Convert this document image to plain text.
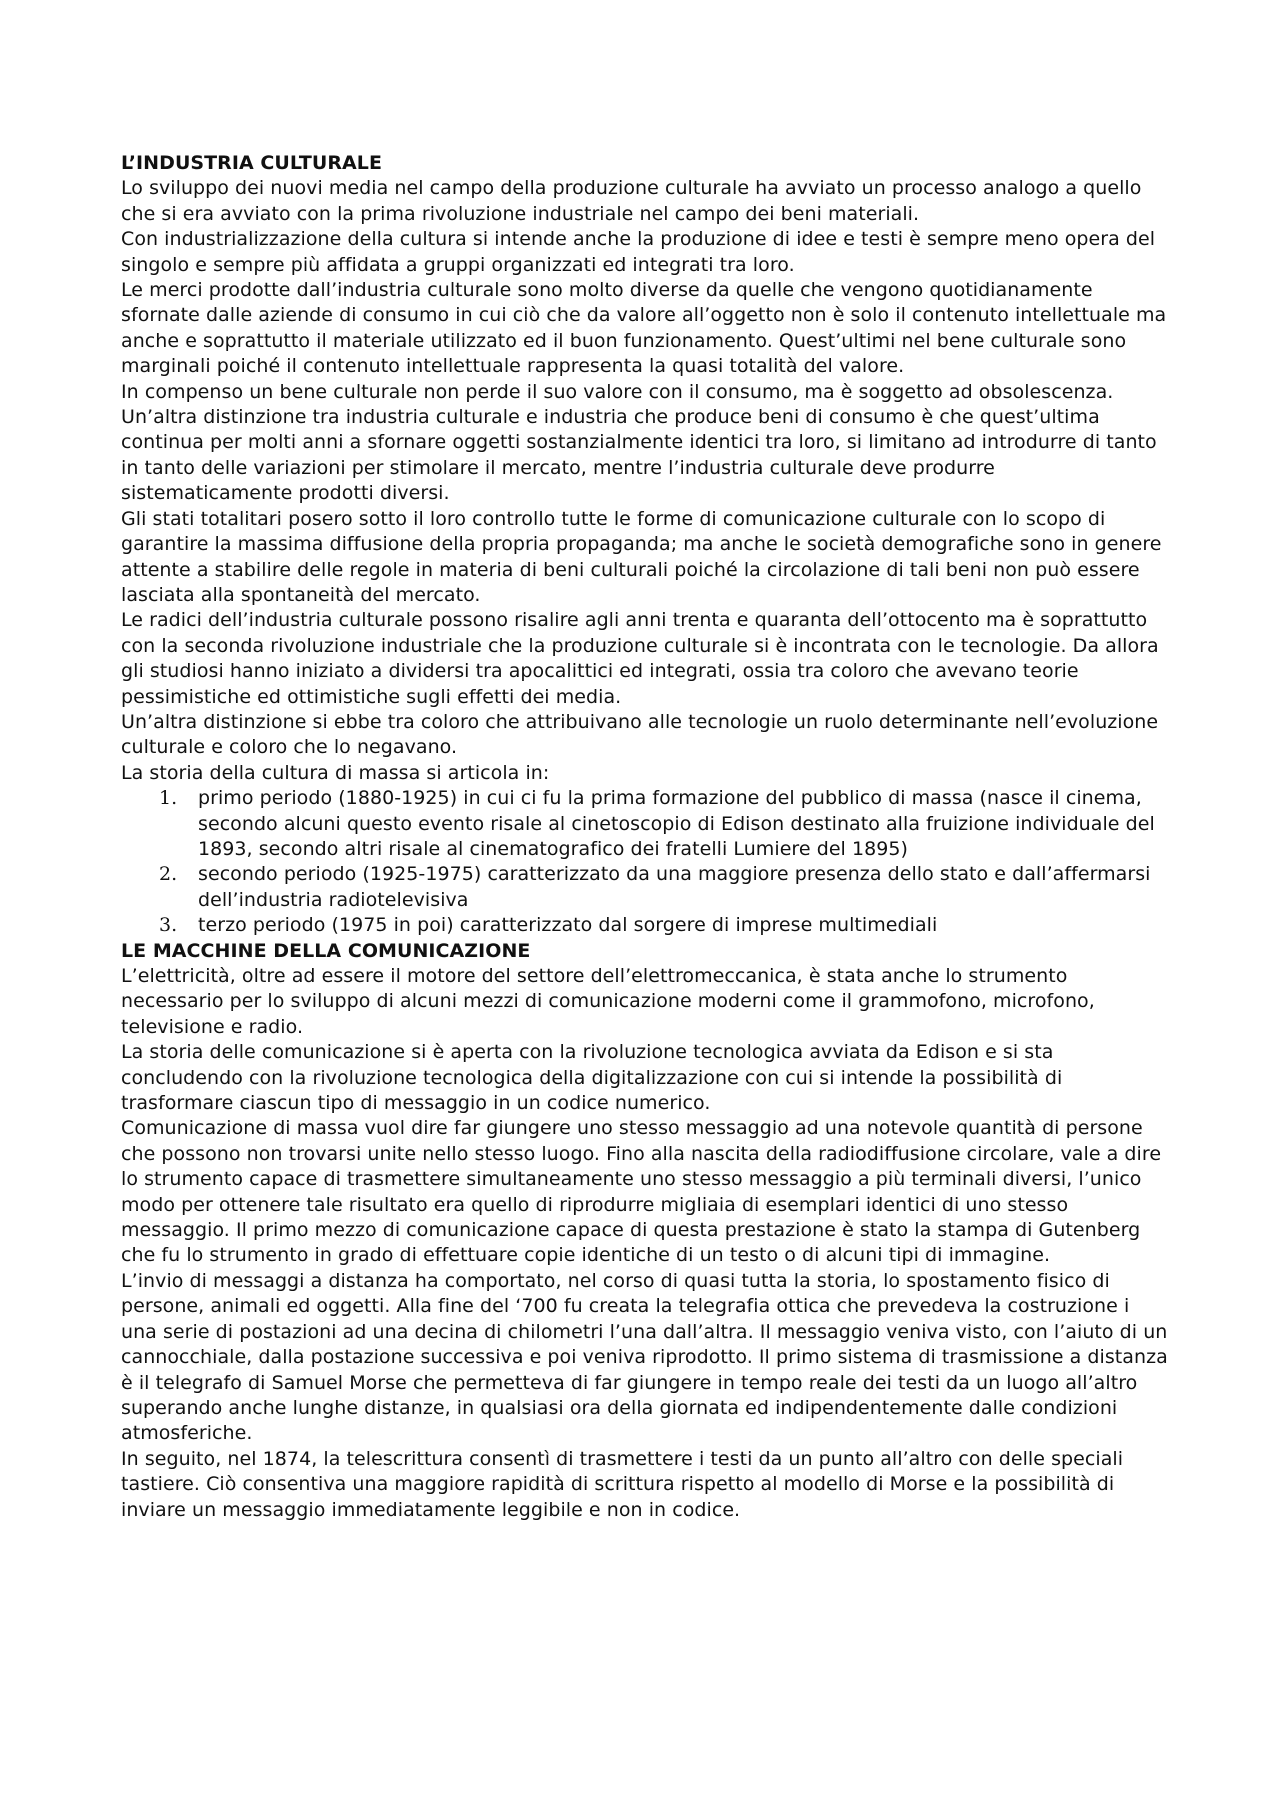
L’INDUSTRIA CULTURALE

Lo sviluppo dei nuovi media nel campo della produzione culturale ha avviato un processo analogo a quello che si era avviato con la prima rivoluzione industriale nel campo dei beni materiali.

Con industrializzazione della cultura si intende anche la produzione di idee e testi è sempre meno opera del singolo e sempre più affidata a gruppi organizzati ed integrati tra loro.

Le merci prodotte dall’industria culturale sono molto diverse da quelle che vengono quotidianamente sfornate dalle aziende di consumo in cui ciò che da valore all’oggetto non è solo il contenuto intellettuale ma anche e soprattutto il materiale utilizzato ed il buon funzionamento. Quest’ultimi nel bene culturale sono marginali poiché il contenuto intellettuale rappresenta la quasi totalità del valore.

In compenso un bene culturale non perde il suo valore con il consumo, ma è soggetto ad obsolescenza. Un’altra distinzione tra industria culturale e industria che produce beni di consumo è che quest’ultima continua per molti anni a sfornare oggetti sostanzialmente identici tra loro, si limitano ad introdurre di tanto in tanto delle variazioni per stimolare il mercato, mentre l’industria culturale deve produrre sistematicamente prodotti diversi.

Gli stati totalitari posero sotto il loro controllo tutte le forme di comunicazione culturale con lo scopo di garantire la massima diffusione della propria propaganda; ma anche le società demografiche sono in genere attente a stabilire delle regole in materia di beni culturali poiché la circolazione di tali beni non può essere lasciata alla spontaneità del mercato.

Le radici dell’industria culturale possono risalire agli anni trenta e quaranta dell’ottocento ma è soprattutto con la seconda rivoluzione industriale che la produzione culturale si è incontrata con le tecnologie. Da allora gli studiosi hanno iniziato a dividersi tra apocalittici ed integrati, ossia tra coloro che avevano teorie pessimistiche ed ottimistiche sugli effetti dei media.

Un’altra distinzione si ebbe tra coloro che attribuivano alle tecnologie un ruolo determinante nell’evoluzione culturale e coloro che lo negavano.

La storia della cultura di massa si articola in:

1. primo periodo (1880-1925) in cui ci fu la prima formazione del pubblico di massa (nasce il cinema, secondo alcuni questo evento risale al cinetoscopio di Edison destinato alla fruizione individuale del 1893, secondo altri risale al cinematografico dei fratelli Lumiere del 1895)
2. secondo periodo (1925-1975) caratterizzato da una maggiore presenza dello stato e dall’affermarsi dell’industria radiotelevisiva
3. terzo periodo (1975 in poi) caratterizzato dal sorgere di imprese multimediali
LE MACCHINE DELLA COMUNICAZIONE

L’elettricità, oltre ad essere il motore del settore dell’elettromeccanica, è stata anche lo strumento necessario per lo sviluppo di alcuni mezzi di comunicazione moderni come il grammofono, microfono, televisione e radio.

La storia delle comunicazione si è aperta con la rivoluzione tecnologica avviata da Edison e si sta concludendo con la rivoluzione tecnologica della digitalizzazione con cui si intende la possibilità di trasformare ciascun tipo di messaggio in un codice numerico.

Comunicazione di massa vuol dire far giungere uno stesso messaggio ad una notevole quantità di persone che possono non trovarsi unite nello stesso luogo. Fino alla nascita della radiodiffusione circolare, vale a dire lo strumento capace di trasmettere simultaneamente uno stesso messaggio a più terminali diversi, l’unico modo per ottenere tale risultato era quello di riprodurre migliaia di esemplari identici di uno stesso messaggio. Il primo mezzo di comunicazione capace di questa prestazione è stato la stampa di Gutenberg che fu lo strumento in grado di effettuare copie identiche di un testo o di alcuni tipi di immagine.

L’invio di messaggi a distanza ha comportato, nel corso di quasi tutta la storia, lo spostamento fisico di persone, animali ed oggetti. Alla fine del ‘700 fu creata la telegrafia ottica che prevedeva la costruzione i una serie di postazioni ad una decina di chilometri l’una dall’altra. Il messaggio veniva visto, con l’aiuto di un cannocchiale, dalla postazione successiva e poi veniva riprodotto. Il primo sistema di trasmissione a distanza è il telegrafo di Samuel Morse che permetteva di far giungere in tempo reale dei testi da un luogo all’altro superando anche lunghe distanze, in qualsiasi ora della giornata ed indipendentemente dalle condizioni atmosferiche.

In seguito, nel 1874, la telescrittura consentì di trasmettere i testi da un punto all’altro con delle speciali tastiere. Ciò consentiva una maggiore rapidità di scrittura rispetto al modello di Morse e la possibilità di inviare un messaggio immediatamente leggibile e non in codice.
